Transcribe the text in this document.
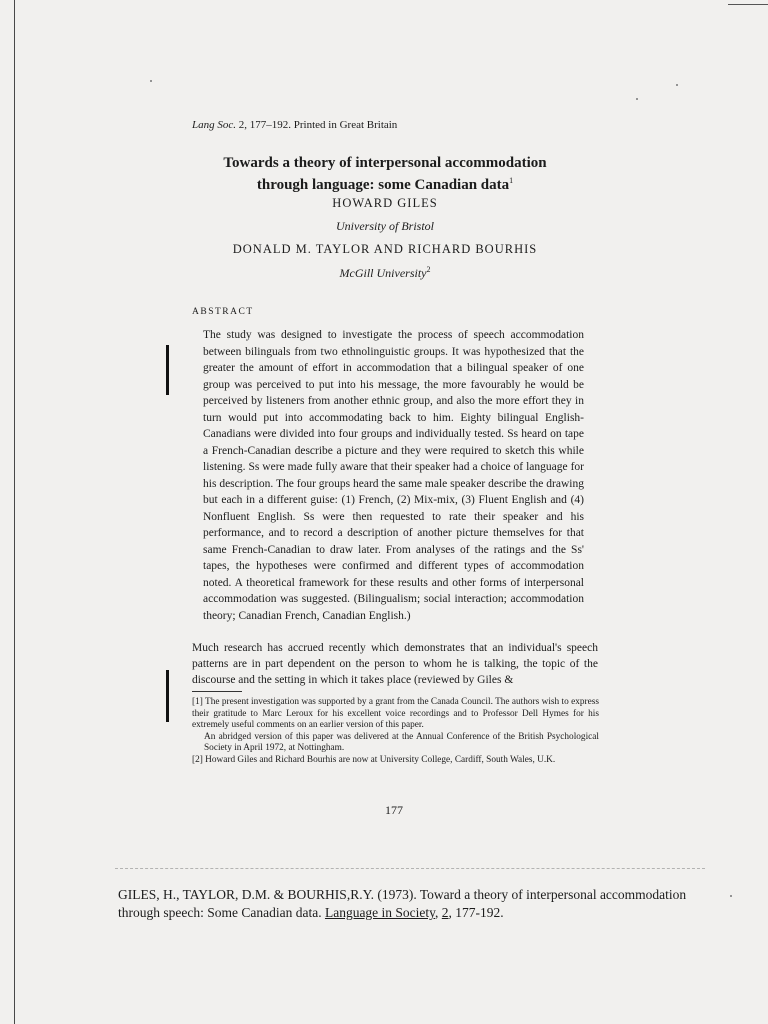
Lang Soc. 2, 177–192. Printed in Great Britain
Towards a theory of interpersonal accommodation
through language: some Canadian data$^1$
HOWARD GILES
University of Bristol
DONALD M. TAYLOR AND RICHARD BOURHIS
McGill University$^2$
ABSTRACT
The study was designed to investigate the process of speech accommodation between bilinguals from two ethnolinguistic groups. It was hypothesized that the greater the amount of effort in accommodation that a bilingual speaker of one group was perceived to put into his message, the more favourably he would be perceived by listeners from another ethnic group, and also the more effort they in turn would put into accommodating back to him. Eighty bilingual English-Canadians were divided into four groups and individually tested. Ss heard on tape a French-Canadian describe a picture and they were required to sketch this while listening. Ss were made fully aware that their speaker had a choice of language for his description. The four groups heard the same male speaker describe the drawing but each in a different guise: (1) French, (2) Mix-mix, (3) Fluent English and (4) Nonfluent English. Ss were then requested to rate their speaker and his performance, and to record a description of another picture themselves for that same French-Canadian to draw later. From analyses of the ratings and the Ss' tapes, the hypotheses were confirmed and different types of accommodation noted. A theoretical framework for these results and other forms of interpersonal accommodation was suggested. (Bilingualism; social interaction; accommodation theory; Canadian French, Canadian English.)
Much research has accrued recently which demonstrates that an individual's speech patterns are in part dependent on the person to whom he is talking, the topic of the discourse and the setting in which it takes place (reviewed by Giles &
[1] The present investigation was supported by a grant from the Canada Council. The authors wish to express their gratitude to Marc Leroux for his excellent voice recordings and to Professor Dell Hymes for his extremely useful comments on an earlier version of this paper.
An abridged version of this paper was delivered at the Annual Conference of the British Psychological Society in April 1972, at Nottingham.
[2] Howard Giles and Richard Bourhis are now at University College, Cardiff, South Wales, U.K.
177
GILES, H., TAYLOR, D.M. & BOURHIS,R.Y. (1973). Toward a theory of interpersonal accommodation through speech: Some Canadian data. Language in Society, 2, 177-192.
